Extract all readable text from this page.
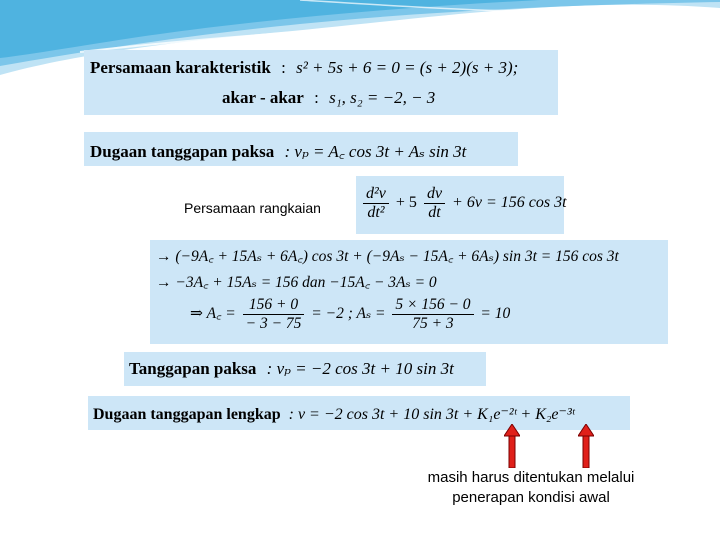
Persamaan karakteristik : s² + 5s + 6 = 0 = (s + 2)(s + 3);
akar - akar : s₁, s₂ = −2, − 3
Dugaan tanggapan paksa : vₚ = A꜀ cos 3t + Aₛ sin 3t
Persamaan rangkaian	$\frac{\text{d²v}}{\text{dt²}} + 5 \frac{dv}{dt} + 6v = 156$ cos 3t
→ (−9A꜀ + 15Aₛ + 6A꜀) cos 3t + (−9Aₛ − 15A꜀ + 6Aₛ) sin 3t = 156 cos 3t
→ −3A꜀ + 15Aₛ = 156 dan −15A꜀ − 3Aₛ = 0
⇒ A꜀ = $\frac{156 + 0}{- 3 - 75} = -2$ ; $A_s = \frac{5 \times 156 - 0}{75 + 3} = 10$
Tanggapan paksa : vₚ = −2 cos 3t + 10 sin 3t
Dugaan tanggapan lengkap : v = −2 cos 3t + 10 sin 3t + K₁e⁻²ᵗ + K₂e⁻³ᵗ
masih harus ditentukan melalui
penerapan kondisi awal
